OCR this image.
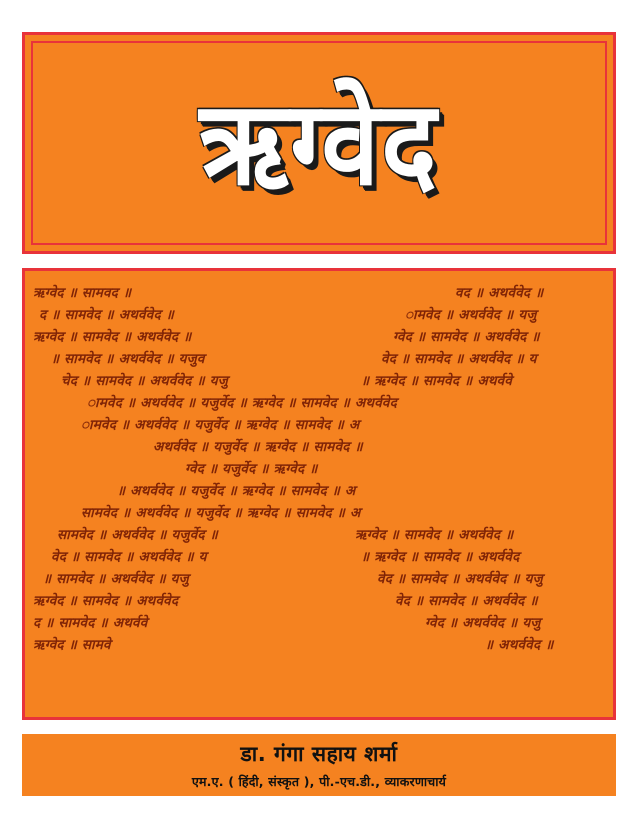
ऋग्वेद
ऋग्वेद ॥ सामवद ॥	वद ॥ अथर्ववेद ॥
द ॥ सामवेद ॥ अथर्ववेद ॥	ामवेद ॥ अथर्ववेद ॥ यजु
ऋग्वेद ॥ सामवेद ॥ अथर्ववेद ॥	ग्वेद ॥ सामवेद ॥ अथर्ववेद ॥
॥ सामवेद ॥ अथर्ववेद ॥ यजुव	वेद ॥ सामवेद ॥ अथर्ववेद ॥ य
चेद ॥ सामवेद ॥ अथर्ववेद ॥ यजु	॥ ऋग्वेद ॥ सामवेद ॥ अथर्ववे
ामवेद ॥ अथर्ववेद ॥ यजुर्वेद ॥ ऋग्वेद ॥ सामवेद ॥ अथर्ववेद
ामवेद ॥ अथर्ववेद ॥ यजुर्वेद ॥ ऋग्वेद ॥ सामवेद ॥ अ
अथर्ववेद ॥ यजुर्वेद ॥ ऋग्वेद ॥ सामवेद ॥
ग्वेद ॥ यजुर्वेद ॥ ऋग्वेद ॥
॥ अथर्ववेद ॥ यजुर्वेद ॥ ऋग्वेद ॥ सामवेद ॥ अ
सामवेद ॥ अथर्ववेद ॥ यजुर्वेद ॥ ऋग्वेद ॥ सामवेद ॥ अ
सामवेद ॥ अथर्ववेद ॥ यजुर्वेद ॥	ऋग्वेद ॥ सामवेद ॥ अथर्ववेद ॥
वेद ॥ सामवेद ॥ अथर्ववेद ॥ य	॥ ऋग्वेद ॥ सामवेद ॥ अथर्ववेद
॥ सामवेद ॥ अथर्ववेद ॥ यजु	वेद ॥ सामवेद ॥ अथर्ववेद ॥ यजु
ऋग्वेद ॥ सामवेद ॥ अथर्ववेद	वेद ॥ सामवेद ॥ अथर्ववेद ॥
द ॥ सामवेद ॥ अथर्ववे	ग्वेद ॥ अथर्ववेद ॥ यजु
ऋग्वेद ॥ सामवे	॥ अथर्ववेद ॥
डा. गंगा सहाय शर्मा
एम.ए. ( हिंदी, संस्कृत ), पी.-एच.डी., व्याकरणाचार्य
